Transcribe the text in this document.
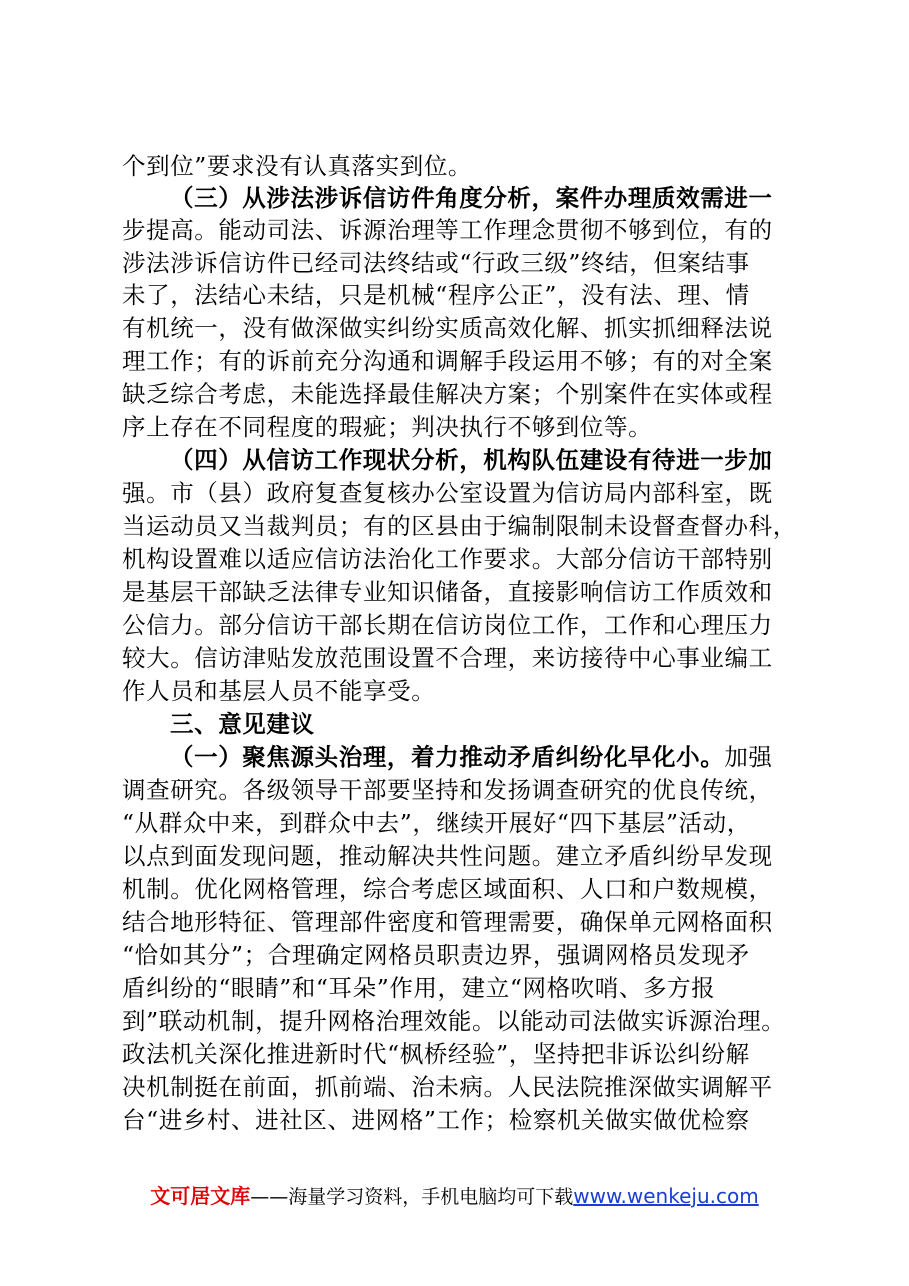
个到位”要求没有认真落实到位。
（三）从涉法涉诉信访件角度分析，案件办理质效需进一
步提高。能动司法、诉源治理等工作理念贯彻不够到位，有的
涉法涉诉信访件已经司法终结或“行政三级”终结，但案结事
未了，法结心未结，只是机械“程序公正”，没有法、理、情
有机统一，没有做深做实纠纷实质高效化解、抓实抓细释法说
理工作；有的诉前充分沟通和调解手段运用不够；有的对全案
缺乏综合考虑，未能选择最佳解决方案；个别案件在实体或程
序上存在不同程度的瑕疵；判决执行不够到位等。
（四）从信访工作现状分析，机构队伍建设有待进一步加
强。市（县）政府复查复核办公室设置为信访局内部科室，既
当运动员又当裁判员；有的区县由于编制限制未设督查督办科，
机构设置难以适应信访法治化工作要求。大部分信访干部特别
是基层干部缺乏法律专业知识储备，直接影响信访工作质效和
公信力。部分信访干部长期在信访岗位工作，工作和心理压力
较大。信访津贴发放范围设置不合理，来访接待中心事业编工
作人员和基层人员不能享受。
三、意见建议
（一）聚焦源头治理，着力推动矛盾纠纷化早化小。加强
调查研究。各级领导干部要坚持和发扬调查研究的优良传统，
“从群众中来，到群众中去”，继续开展好“四下基层”活动，
以点到面发现问题，推动解决共性问题。建立矛盾纠纷早发现
机制。优化网格管理，综合考虑区域面积、人口和户数规模，
结合地形特征、管理部件密度和管理需要，确保单元网格面积
“恰如其分”；合理确定网格员职责边界，强调网格员发现矛
盾纠纷的“眼睛”和“耳朵”作用，建立“网格吹哨、多方报
到”联动机制，提升网格治理效能。以能动司法做实诉源治理。
政法机关深化推进新时代“枫桥经验”，坚持把非诉讼纠纷解
决机制挺在前面，抓前端、治未病。人民法院推深做实调解平
台“进乡村、进社区、进网格”工作；检察机关做实做优检察
文可居文库——海量学习资料，手机电脑均可下载www.wenkeju.com
